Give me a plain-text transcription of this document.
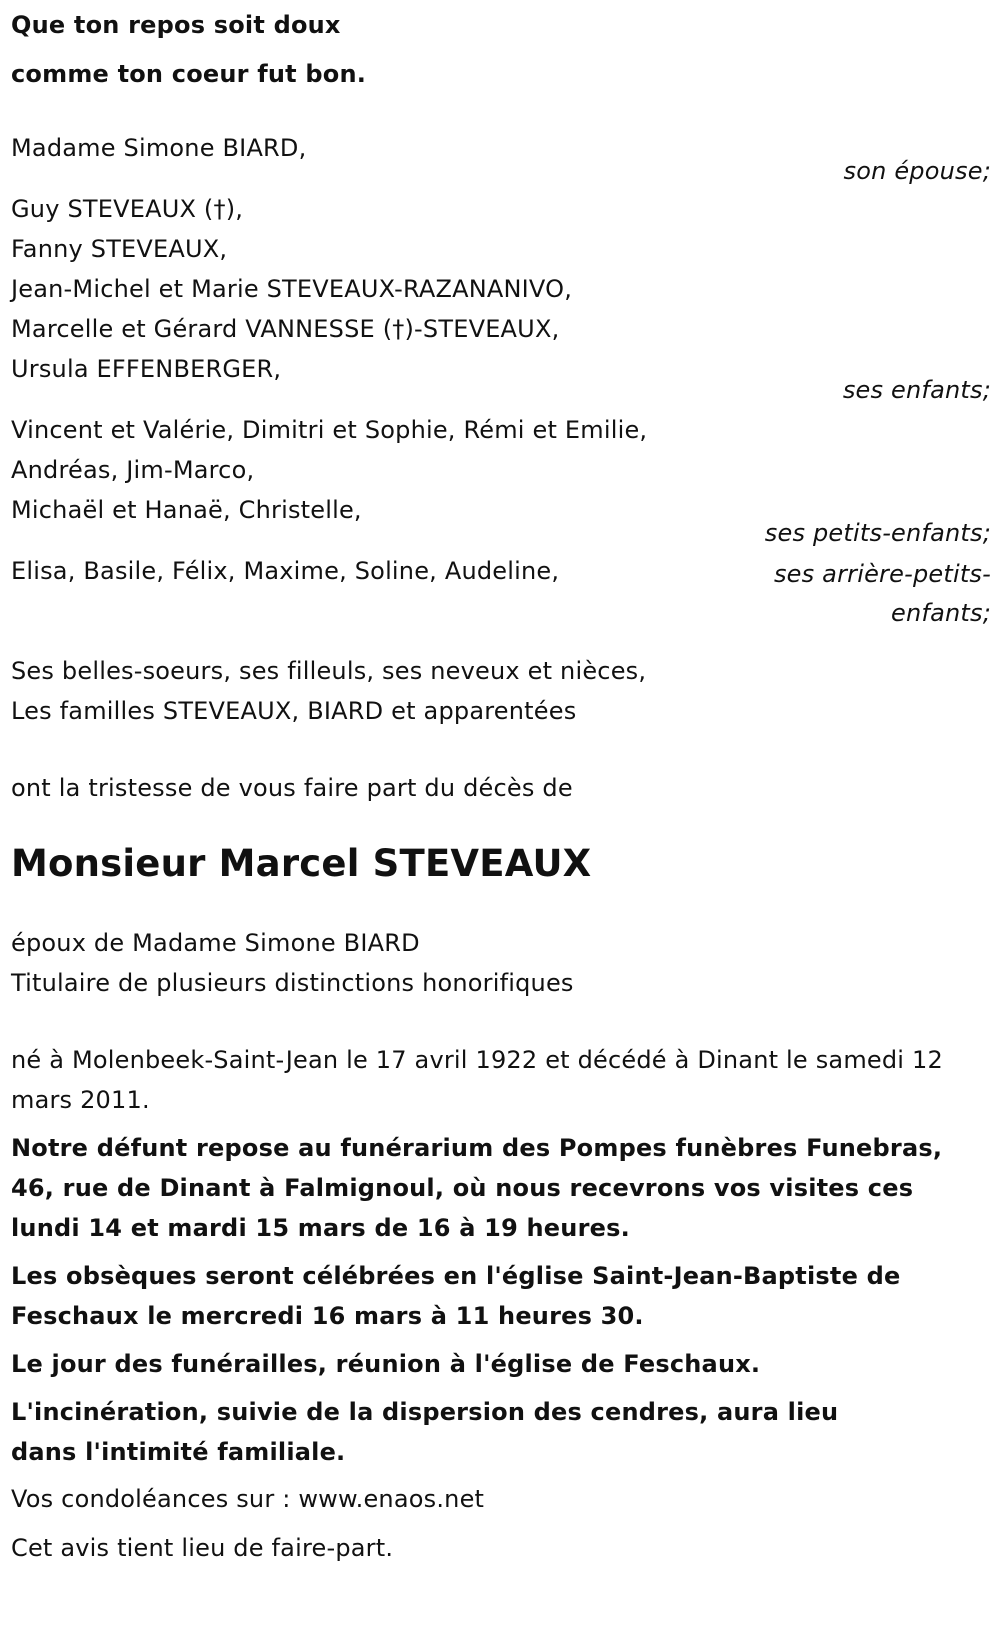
Que ton repos soit doux

comme ton coeur fut bon.

Madame Simone BIARD,

son épouse;

Guy STEVEAUX (†),

Fanny STEVEAUX,

Jean-Michel et Marie STEVEAUX-RAZANANIVO,

Marcelle et Gérard VANNESSE (†)-STEVEAUX,

Ursula EFFENBERGER,

ses enfants;

Vincent et Valérie, Dimitri et Sophie, Rémi et Emilie,

Andréas, Jim-Marco,

Michaël et Hanaë, Christelle,

ses petits-enfants;

Elisa, Basile, Félix, Maxime, Soline, Audeline,	ses arrière-petits-
enfants;

Ses belles-soeurs, ses filleuls, ses neveux et nièces,

Les familles STEVEAUX, BIARD et apparentées

ont la tristesse de vous faire part du décès de

Monsieur Marcel STEVEAUX

époux de Madame Simone BIARD

Titulaire de plusieurs distinctions honorifiques

né à Molenbeek-Saint-Jean le 17 avril 1922 et décédé à Dinant le samedi 12 mars 2011.

Notre défunt repose au funérarium des Pompes funèbres Funebras, 46, rue de Dinant à Falmignoul, où nous recevrons vos visites ces lundi 14 et mardi 15 mars de 16 à 19 heures.

Les obsèques seront célébrées en l'église Saint-Jean-Baptiste de Feschaux le mercredi 16 mars à 11 heures 30.

Le jour des funérailles, réunion à l'église de Feschaux.

L'incinération, suivie de la dispersion des cendres, aura lieu dans l'intimité familiale.

Vos condoléances sur : www.enaos.net

Cet avis tient lieu de faire-part.
